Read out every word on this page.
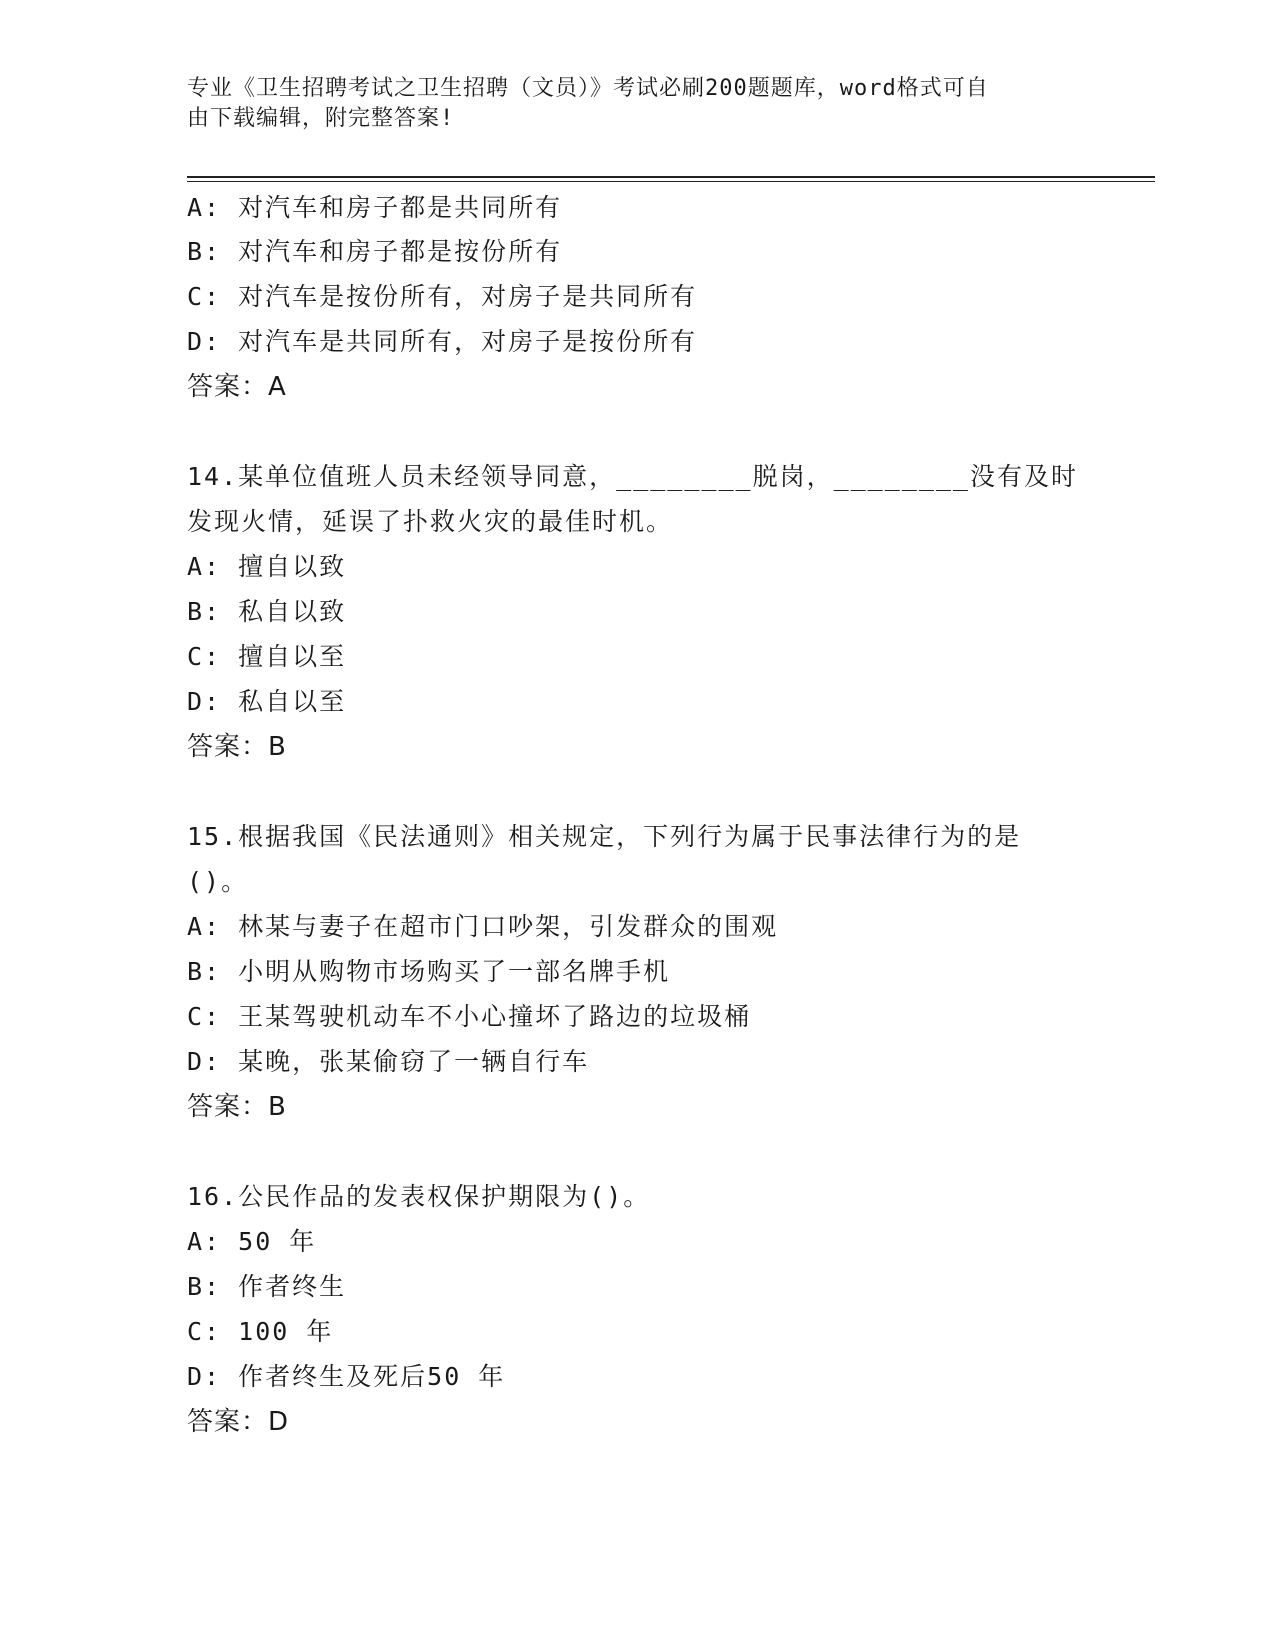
专业《卫生招聘考试之卫生招聘（文员）》考试必刷200题题库，word格式可自
由下载编辑，附完整答案!
A: 对汽车和房子都是共同所有
B: 对汽车和房子都是按份所有
C: 对汽车是按份所有，对房子是共同所有
D: 对汽车是共同所有，对房子是按份所有
答案：A
14.某单位值班人员未经领导同意，________脱岗，________没有及时
发现火情，延误了扑救火灾的最佳时机。
A: 擅自以致
B: 私自以致
C: 擅自以至
D: 私自以至
答案：B
15.根据我国《民法通则》相关规定，下列行为属于民事法律行为的是
()。
A: 林某与妻子在超市门口吵架，引发群众的围观
B: 小明从购物市场购买了一部名牌手机
C: 王某驾驶机动车不小心撞坏了路边的垃圾桶
D: 某晚，张某偷窃了一辆自行车
答案：B
16.公民作品的发表权保护期限为()。
A: 50 年
B: 作者终生
C: 100 年
D: 作者终生及死后50 年
答案：D
